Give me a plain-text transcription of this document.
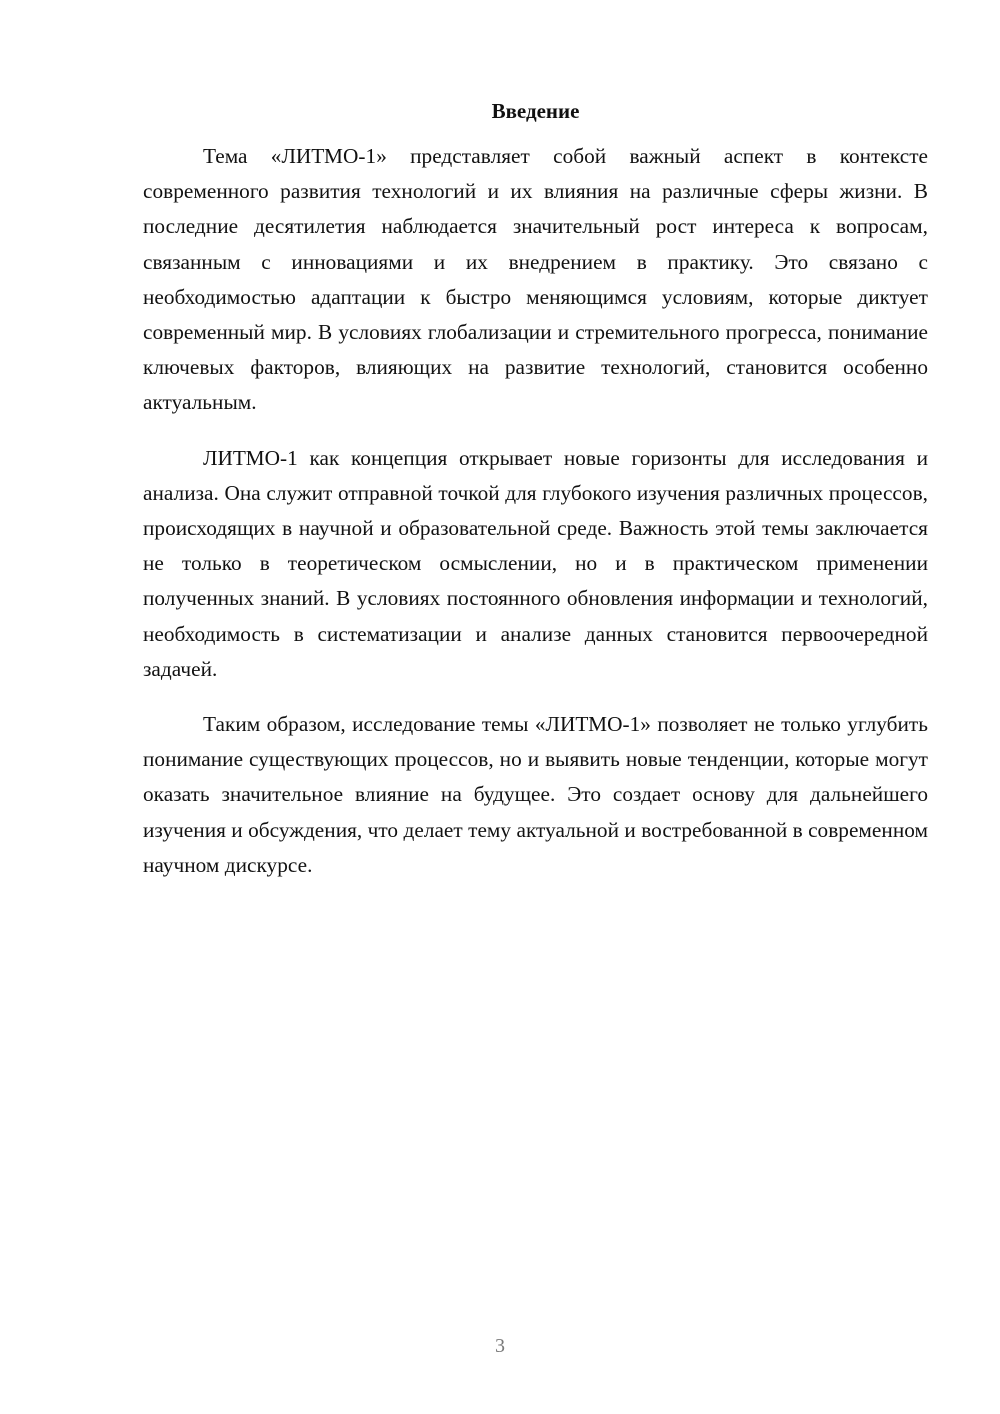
Введение

Тема «ЛИТМО-1» представляет собой важный аспект в контексте современного развития технологий и их влияния на различные сферы жизни. В последние десятилетия наблюдается значительный рост интереса к вопросам, связанным с инновациями и их внедрением в практику. Это связано с необходимостью адаптации к быстро меняющимся условиям, которые диктует современный мир. В условиях глобализации и стремительного прогресса, понимание ключевых факторов, влияющих на развитие технологий, становится особенно актуальным.

ЛИТМО-1 как концепция открывает новые горизонты для исследования и анализа. Она служит отправной точкой для глубокого изучения различных процессов, происходящих в научной и образовательной среде. Важность этой темы заключается не только в теоретическом осмыслении, но и в практическом применении полученных знаний. В условиях постоянного обновления информации и технологий, необходимость в систематизации и анализе данных становится первоочередной задачей.

Таким образом, исследование темы «ЛИТМО-1» позволяет не только углубить понимание существующих процессов, но и выявить новые тенденции, которые могут оказать значительное влияние на будущее. Это создает основу для дальнейшего изучения и обсуждения, что делает тему актуальной и востребованной в современном научном дискурсе.

3
